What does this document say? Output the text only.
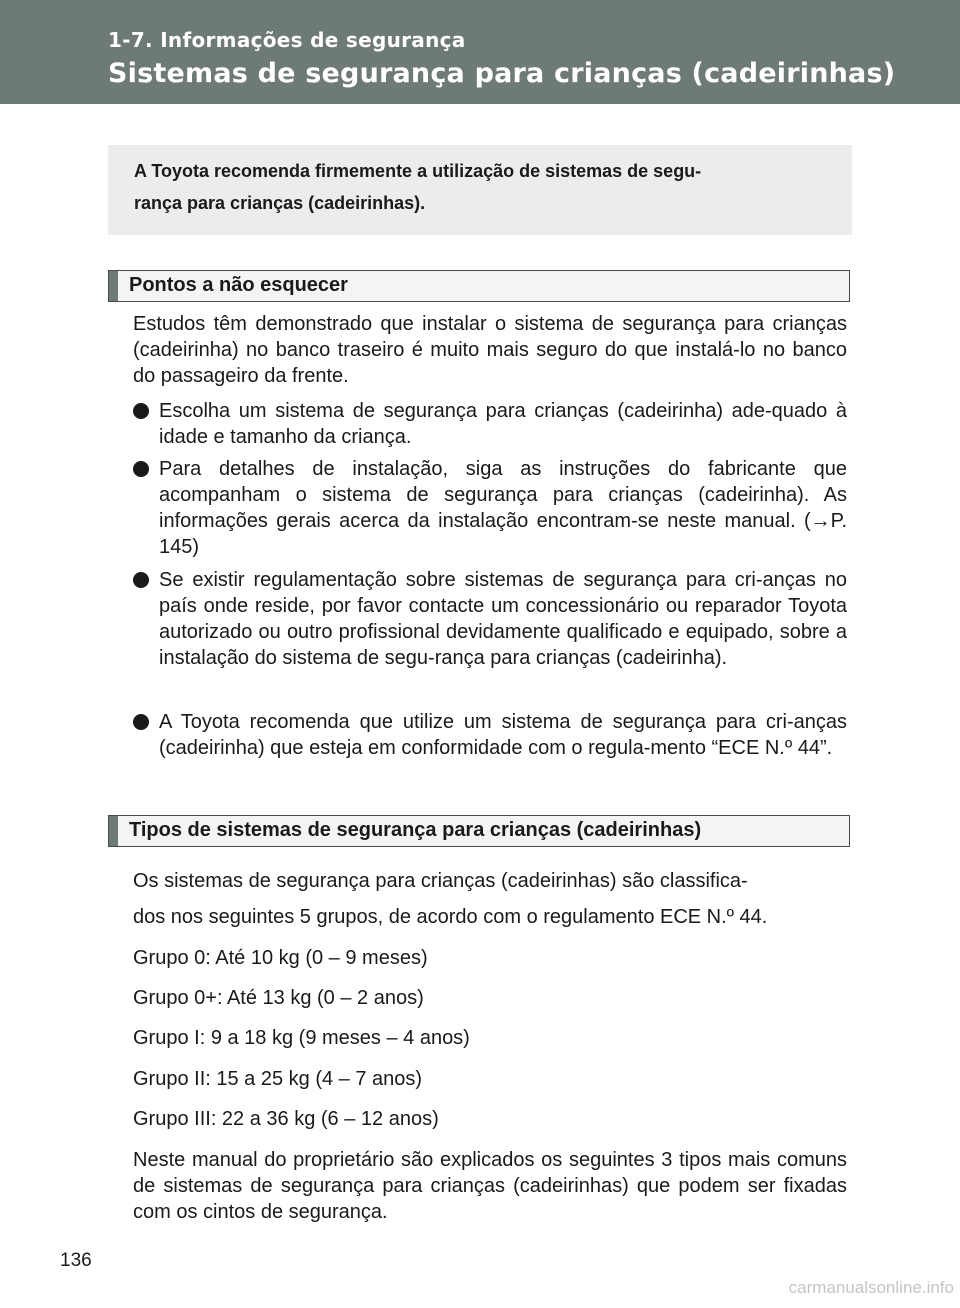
1-7. Informações de segurança
Sistemas de segurança para crianças (cadeirinhas)
A Toyota recomenda firmemente a utilização de sistemas de segu-
rança para crianças (cadeirinhas).
Pontos a não esquecer
Estudos têm demonstrado que instalar o sistema de segurança para crianças (cadeirinha) no banco traseiro é muito mais seguro do que instalá-lo no banco do passageiro da frente.
Escolha um sistema de segurança para crianças (cadeirinha) ade-quado à idade e tamanho da criança.
Para detalhes de instalação, siga as instruções do fabricante que acompanham o sistema de segurança para crianças (cadeirinha). As informações gerais acerca da instalação encontram-se neste manual. (→P. 145)
Se existir regulamentação sobre sistemas de segurança para cri-anças no país onde reside, por favor contacte um concessionário ou reparador Toyota autorizado ou outro profissional devidamente qualificado e equipado, sobre a instalação do sistema de segu-rança para crianças (cadeirinha).
A Toyota recomenda que utilize um sistema de segurança para cri-anças (cadeirinha) que esteja em conformidade com o regula-mento “ECE N.º 44”.
Tipos de sistemas de segurança para crianças (cadeirinhas)
Os sistemas de segurança para crianças (cadeirinhas) são classifica-
dos nos seguintes 5 grupos, de acordo com o regulamento ECE N.º 44.
Grupo 0: Até 10 kg (0 – 9 meses)
Grupo 0+: Até 13 kg (0 – 2 anos)
Grupo I: 9 a 18 kg (9 meses – 4 anos)
Grupo II: 15 a 25 kg (4 – 7 anos)
Grupo III: 22 a 36 kg (6 – 12 anos)
Neste manual do proprietário são explicados os seguintes 3 tipos mais comuns de sistemas de segurança para crianças (cadeirinhas) que podem ser fixadas com os cintos de segurança.
136
carmanualsonline.info
